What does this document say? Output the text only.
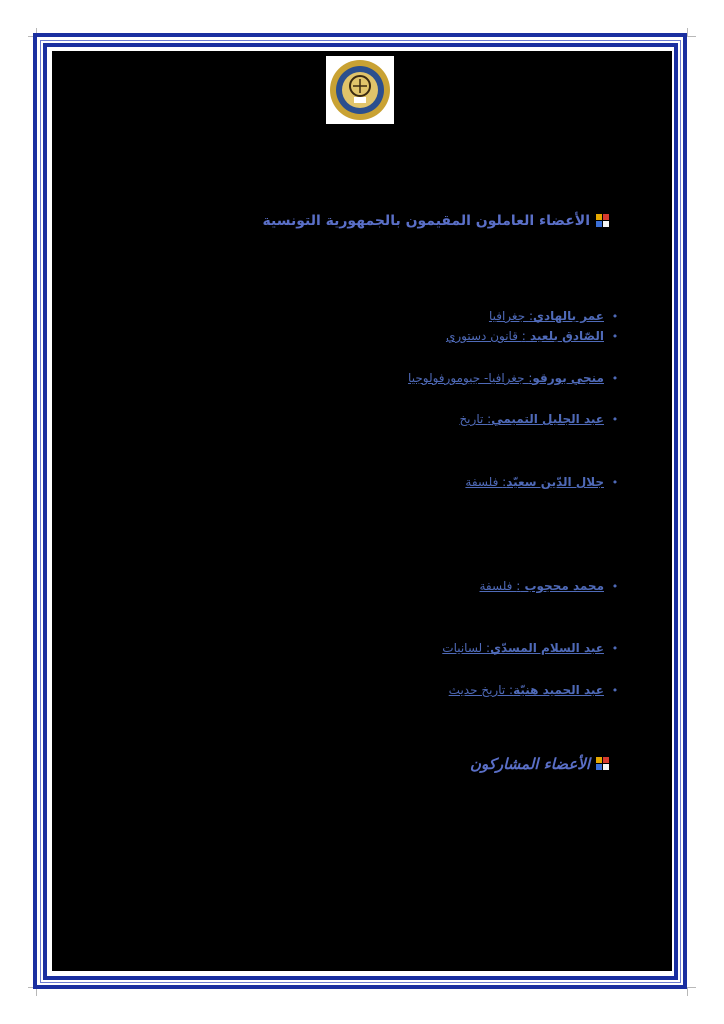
الأعضاء العاملون المقيمون بالجمهورية التونسية
•
عمر بالهادي: جغرافيا
•
الصّادق بلعيد : قانون دستوري
•
منجي بورقو: جغرافيا- جيومورفولوجيا
•
عبد الجليل التميمي: تاريخ
•
جلال الدّين سعيّد: فلسفة
•
محمد محجوب : فلسفة
•
عبد السلام المسدّي: لسانيات
•
عبد الحميد هنيّة: تاريخ حديث
الأعضاء المشاركون
